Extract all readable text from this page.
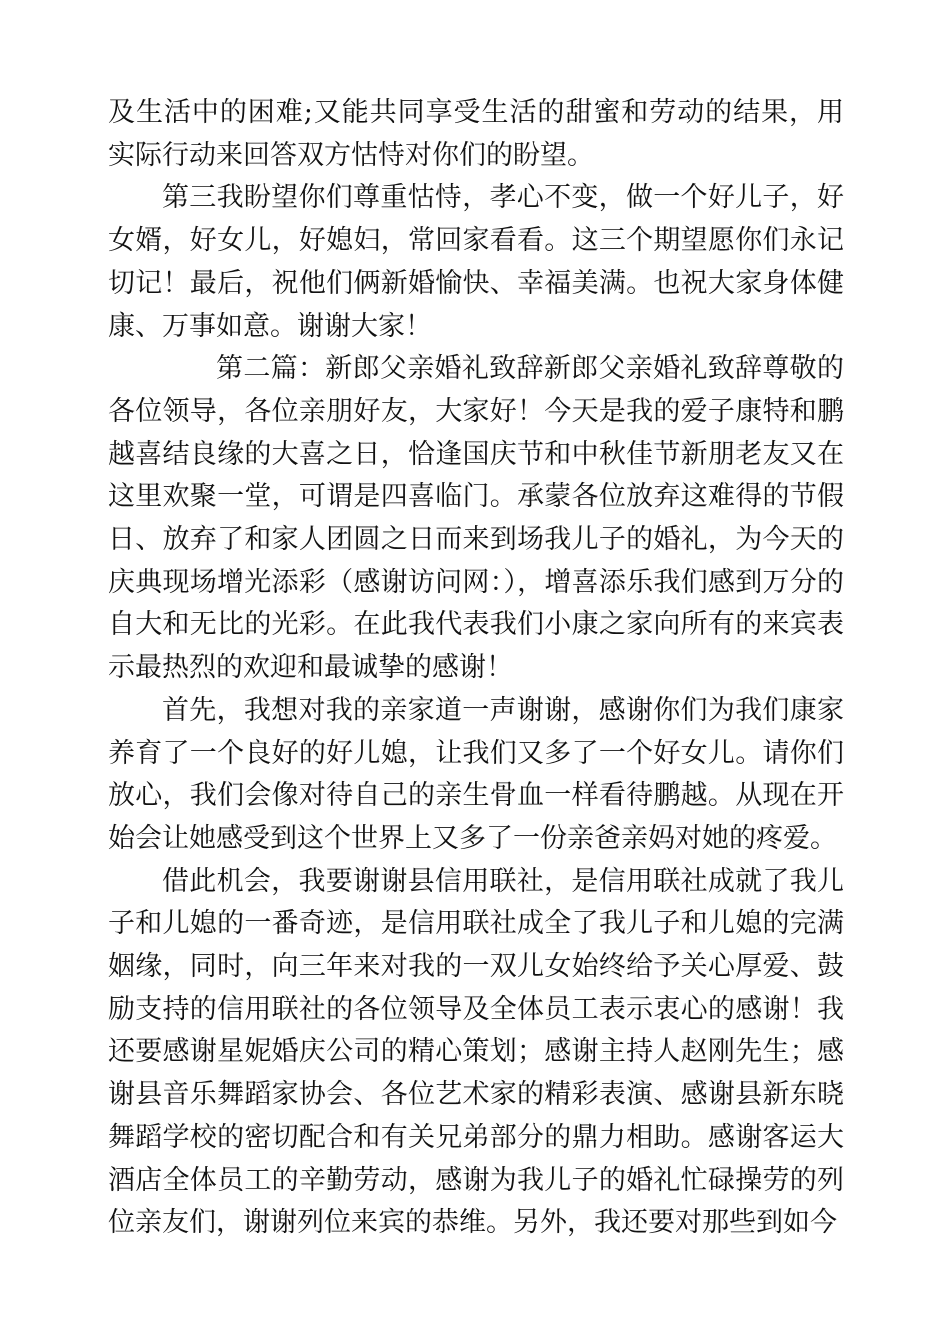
及生活中的困难;又能共同享受生活的甜蜜和劳动的结果，用实际行动来回答双方怙恃对你们的盼望。

第三我盼望你们尊重怙恃，孝心不变，做一个好儿子，好女婿，好女儿，好媳妇，常回家看看。这三个期望愿你们永记切记！最后，祝他们俩新婚愉快、幸福美满。也祝大家身体健康、万事如意。谢谢大家！

第二篇：新郎父亲婚礼致辞新郎父亲婚礼致辞尊敬的各位领导，各位亲朋好友，大家好！今天是我的爱子康特和鹏越喜结良缘的大喜之日，恰逢国庆节和中秋佳节新朋老友又在这里欢聚一堂，可谓是四喜临门。承蒙各位放弃这难得的节假日、放弃了和家人团圆之日而来到场我儿子的婚礼，为今天的庆典现场增光添彩（感谢访问网：），增喜添乐我们感到万分的自大和无比的光彩。在此我代表我们小康之家向所有的来宾表示最热烈的欢迎和最诚挚的感谢！

首先，我想对我的亲家道一声谢谢，感谢你们为我们康家养育了一个良好的好儿媳，让我们又多了一个好女儿。请你们放心，我们会像对待自己的亲生骨血一样看待鹏越。从现在开始会让她感受到这个世界上又多了一份亲爸亲妈对她的疼爱。

借此机会，我要谢谢县信用联社，是信用联社成就了我儿子和儿媳的一番奇迹，是信用联社成全了我儿子和儿媳的完满姻缘，同时，向三年来对我的一双儿女始终给予关心厚爱、鼓励支持的信用联社的各位领导及全体员工表示衷心的感谢！我还要感谢星妮婚庆公司的精心策划；感谢主持人赵刚先生；感谢县音乐舞蹈家协会、各位艺术家的精彩表演、感谢县新东晓舞蹈学校的密切配合和有关兄弟部分的鼎力相助。感谢客运大酒店全体员工的辛勤劳动，感谢为我儿子的婚礼忙碌操劳的列位亲友们，谢谢列位来宾的恭维。另外，我还要对那些到如今
